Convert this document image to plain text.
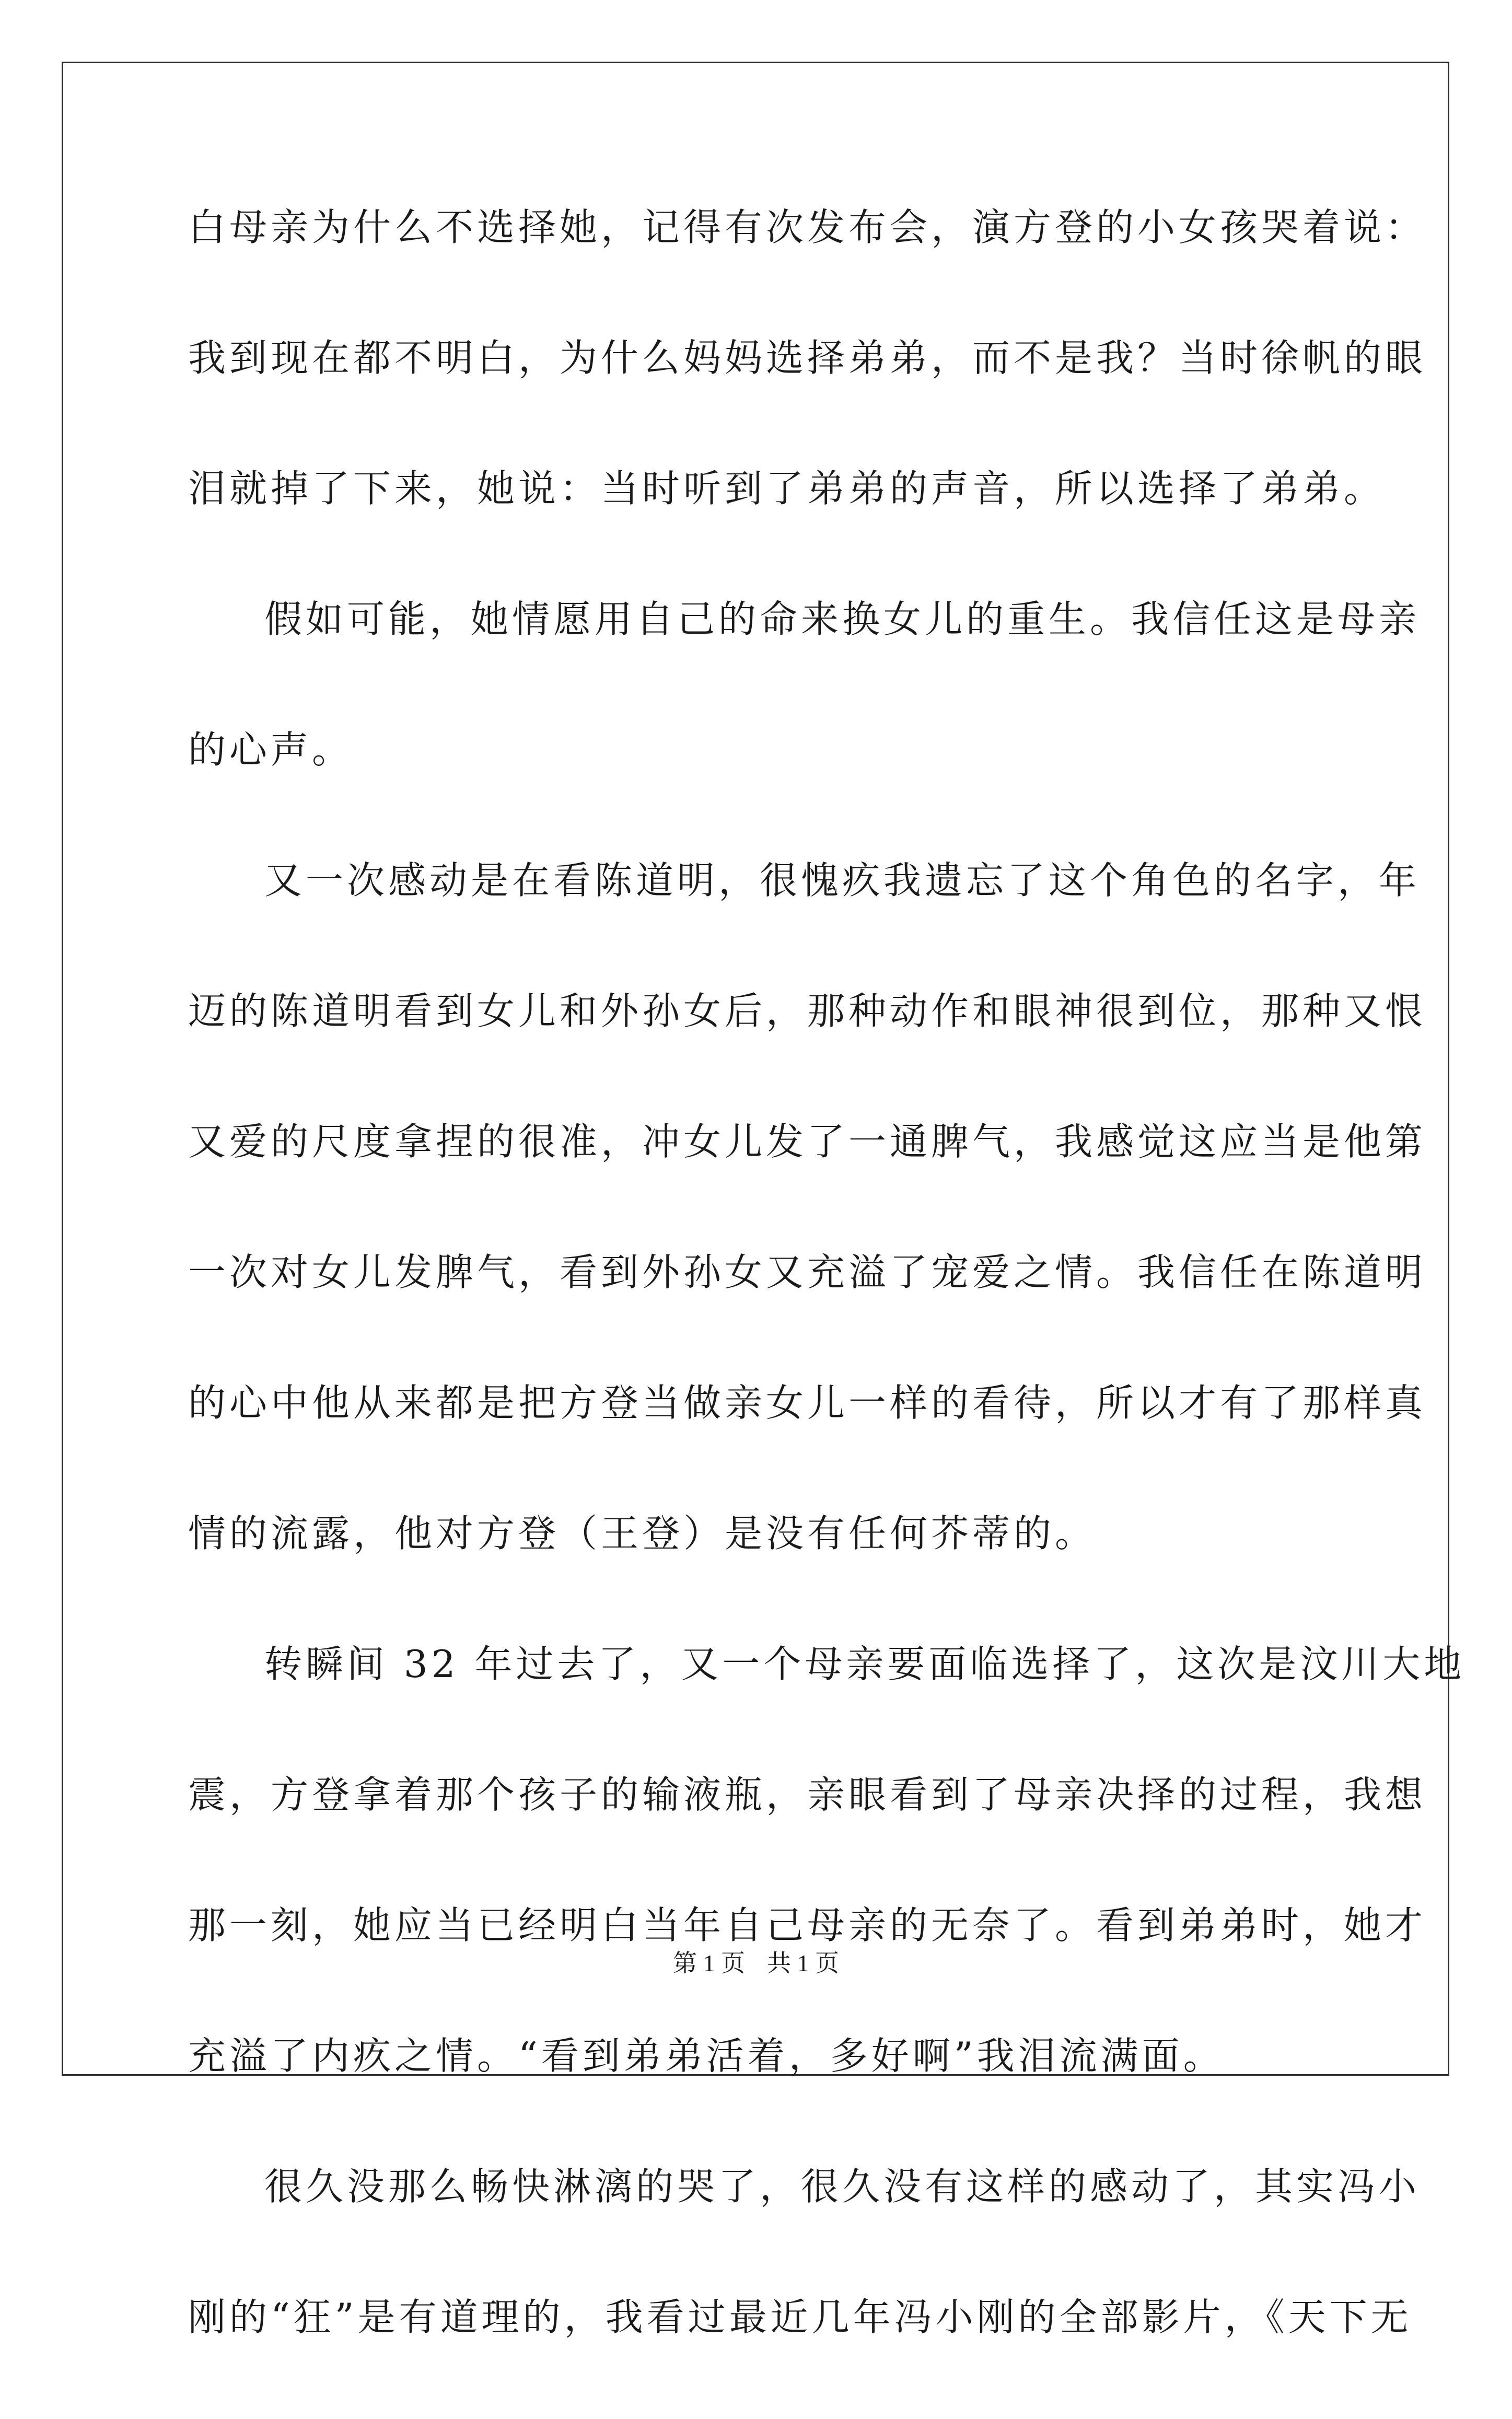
白母亲为什么不选择她，记得有次发布会，演方登的小女孩哭着说：
我到现在都不明白，为什么妈妈选择弟弟，而不是我？当时徐帆的眼
泪就掉了下来，她说：当时听到了弟弟的声音，所以选择了弟弟。
假如可能，她情愿用自己的命来换女儿的重生。我信任这是母亲
的心声。
又一次感动是在看陈道明，很愧疚我遗忘了这个角色的名字，年
迈的陈道明看到女儿和外孙女后，那种动作和眼神很到位，那种又恨
又爱的尺度拿捏的很准，冲女儿发了一通脾气，我感觉这应当是他第
一次对女儿发脾气，看到外孙女又充溢了宠爱之情。我信任在陈道明
的心中他从来都是把方登当做亲女儿一样的看待，所以才有了那样真
情的流露，他对方登（王登）是没有任何芥蒂的。
转瞬间 32 年过去了，又一个母亲要面临选择了，这次是汶川大地
震，方登拿着那个孩子的输液瓶，亲眼看到了母亲决择的过程，我想
那一刻，她应当已经明白当年自己母亲的无奈了。看到弟弟时，她才
充溢了内疚之情。“看到弟弟活着，多好啊”我泪流满面。
很久没那么畅快淋漓的哭了，很久没有这样的感动了，其实冯小
刚的“狂”是有道理的，我看过最近几年冯小刚的全部影片，《天下无
第 1 页 共 1 页
